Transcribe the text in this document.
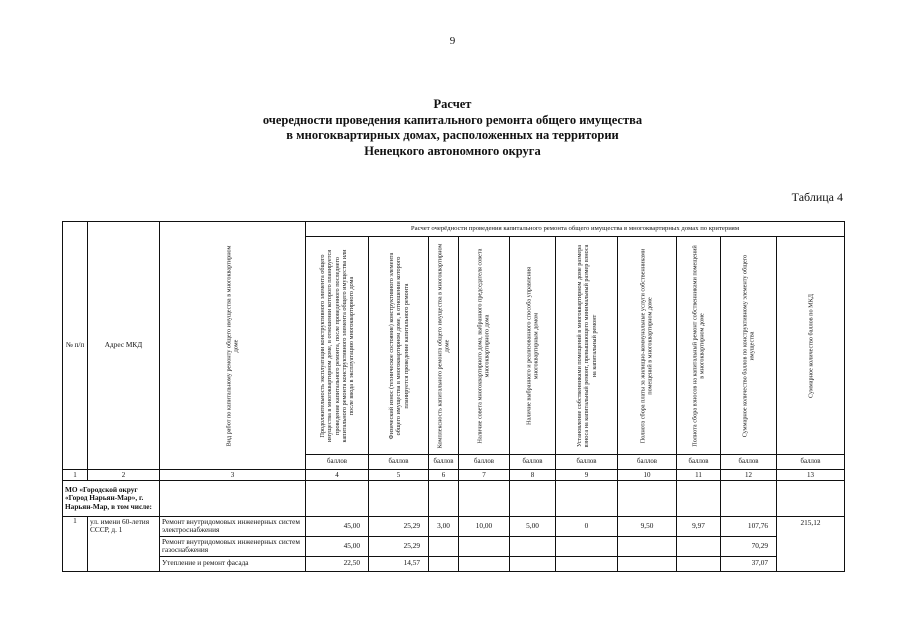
9
Расчет
очередности проведения капитального ремонта общего имущества
в многоквартирных домах, расположенных на территории
Ненецкого автономного округа
Таблица 4
№ п/п	Адрес МКД	Вид работ по капитальному ремонту общего имущества в многоквартирном доме	Расчет очерёдности проведения капитального ремонта общего имущества в многоквартирных домах по критериям									

			Продолжительность эксплуатации конструктивного элемента общего имущества в многоквартирном доме, в отношении которого планируется проведение капитального ремонта, после проведенного последнего капитального ремонта конструктивного элемента общего имущества или после ввода в эксплуатацию многоквартирного дома	Физический износ (техническое состояние) конструктивного элемента общего имущества в многоквартирном доме, в отношении которого планируется проведение капитального ремонта	Комплексность капитального ремонта общего имущества в многоквартирном доме	Наличие совета многоквартирного дома, выбранного председателя совета многоквартирного дома	Наличие выбранного и реализованного способа управления многоквартирным домом	Установление собственниками помещений в многоквартирном доме размера взноса на капитальный ремонт, превышающего минимальный размер взноса на капитальный ремонт	Полнота сбора платы за жилищно-коммунальные услуги собственниками помещений в многоквартирном доме	Полнота сбора взносов на капитальный ремонт собственниками помещений в многоквартирном доме	Суммарное количество баллов по конструктивному элементу общего имущества	Суммарное количество баллов по МКД

			баллов	баллов	баллов	баллов	баллов	баллов	баллов	баллов	баллов	баллов
1	2	3	4	5	6	7	8	9	10	11	12	13
МО «Городской округ «Город Нарьян-Мар», г. Нарьян-Мар, в том числе:												
1	ул. имени 60-летия СССР, д. 1	Ремонт внутридомовых инженерных систем электроснабжения	45,00	25,29	3,00	10,00	5,00	0	9,50	9,97	107,76	215,12
		Ремонт внутридомовых инженерных систем газоснабжения	45,00	25,29							70,29	
		Утепление и ремонт фасада	22,50	14,57							37,07	
